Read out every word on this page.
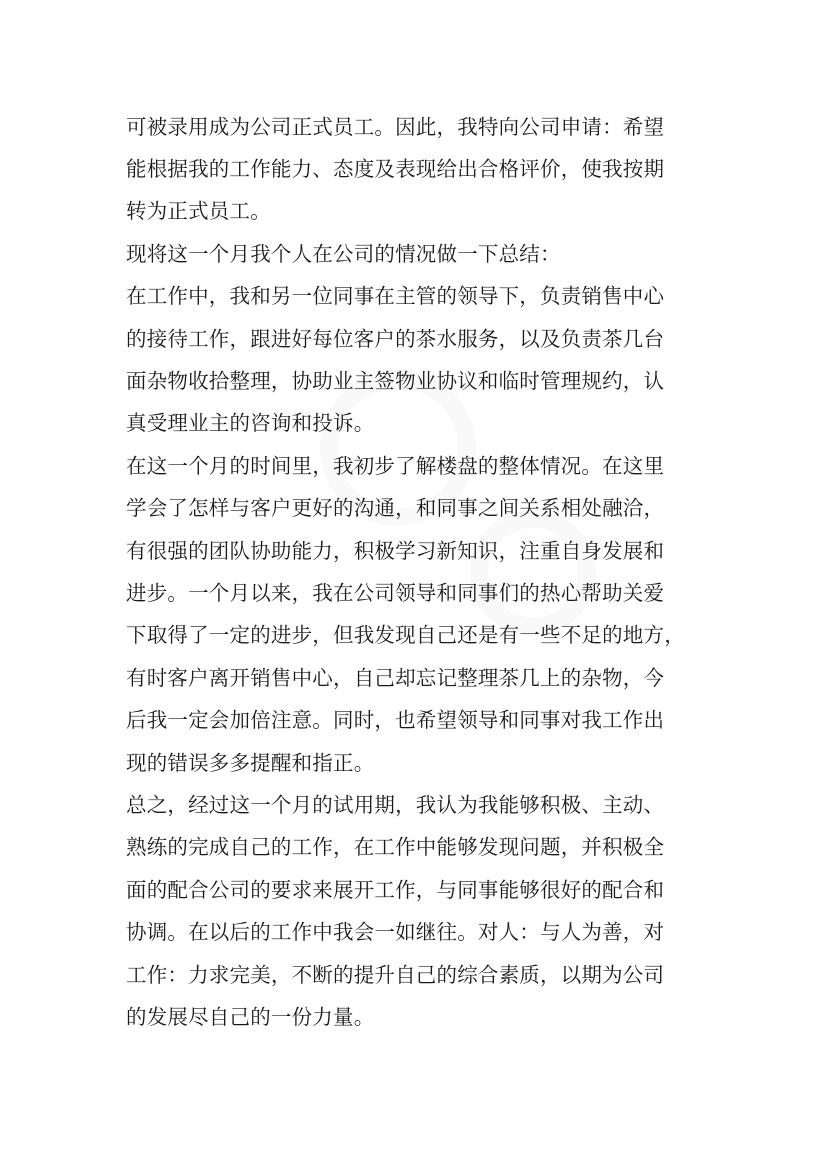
可被录用成为公司正式员工。因此，我特向公司申请：希望
能根据我的工作能力、态度及表现给出合格评价，使我按期
转为正式员工。
现将这一个月我个人在公司的情况做一下总结：
在工作中，我和另一位同事在主管的领导下，负责销售中心
的接待工作，跟进好每位客户的茶水服务，以及负责茶几台
面杂物收拾整理，协助业主签物业协议和临时管理规约，认
真受理业主的咨询和投诉。
在这一个月的时间里，我初步了解楼盘的整体情况。在这里
学会了怎样与客户更好的沟通，和同事之间关系相处融洽，
有很强的团队协助能力，积极学习新知识，注重自身发展和
进步。一个月以来，我在公司领导和同事们的热心帮助关爱
下取得了一定的进步，但我发现自己还是有一些不足的地方，
有时客户离开销售中心，自己却忘记整理茶几上的杂物，今
后我一定会加倍注意。同时，也希望领导和同事对我工作出
现的错误多多提醒和指正。
总之，经过这一个月的试用期，我认为我能够积极、主动、
熟练的完成自己的工作，在工作中能够发现问题，并积极全
面的配合公司的要求来展开工作，与同事能够很好的配合和
协调。在以后的工作中我会一如继往。对人：与人为善，对
工作：力求完美，不断的提升自己的综合素质，以期为公司
的发展尽自己的一份力量。
